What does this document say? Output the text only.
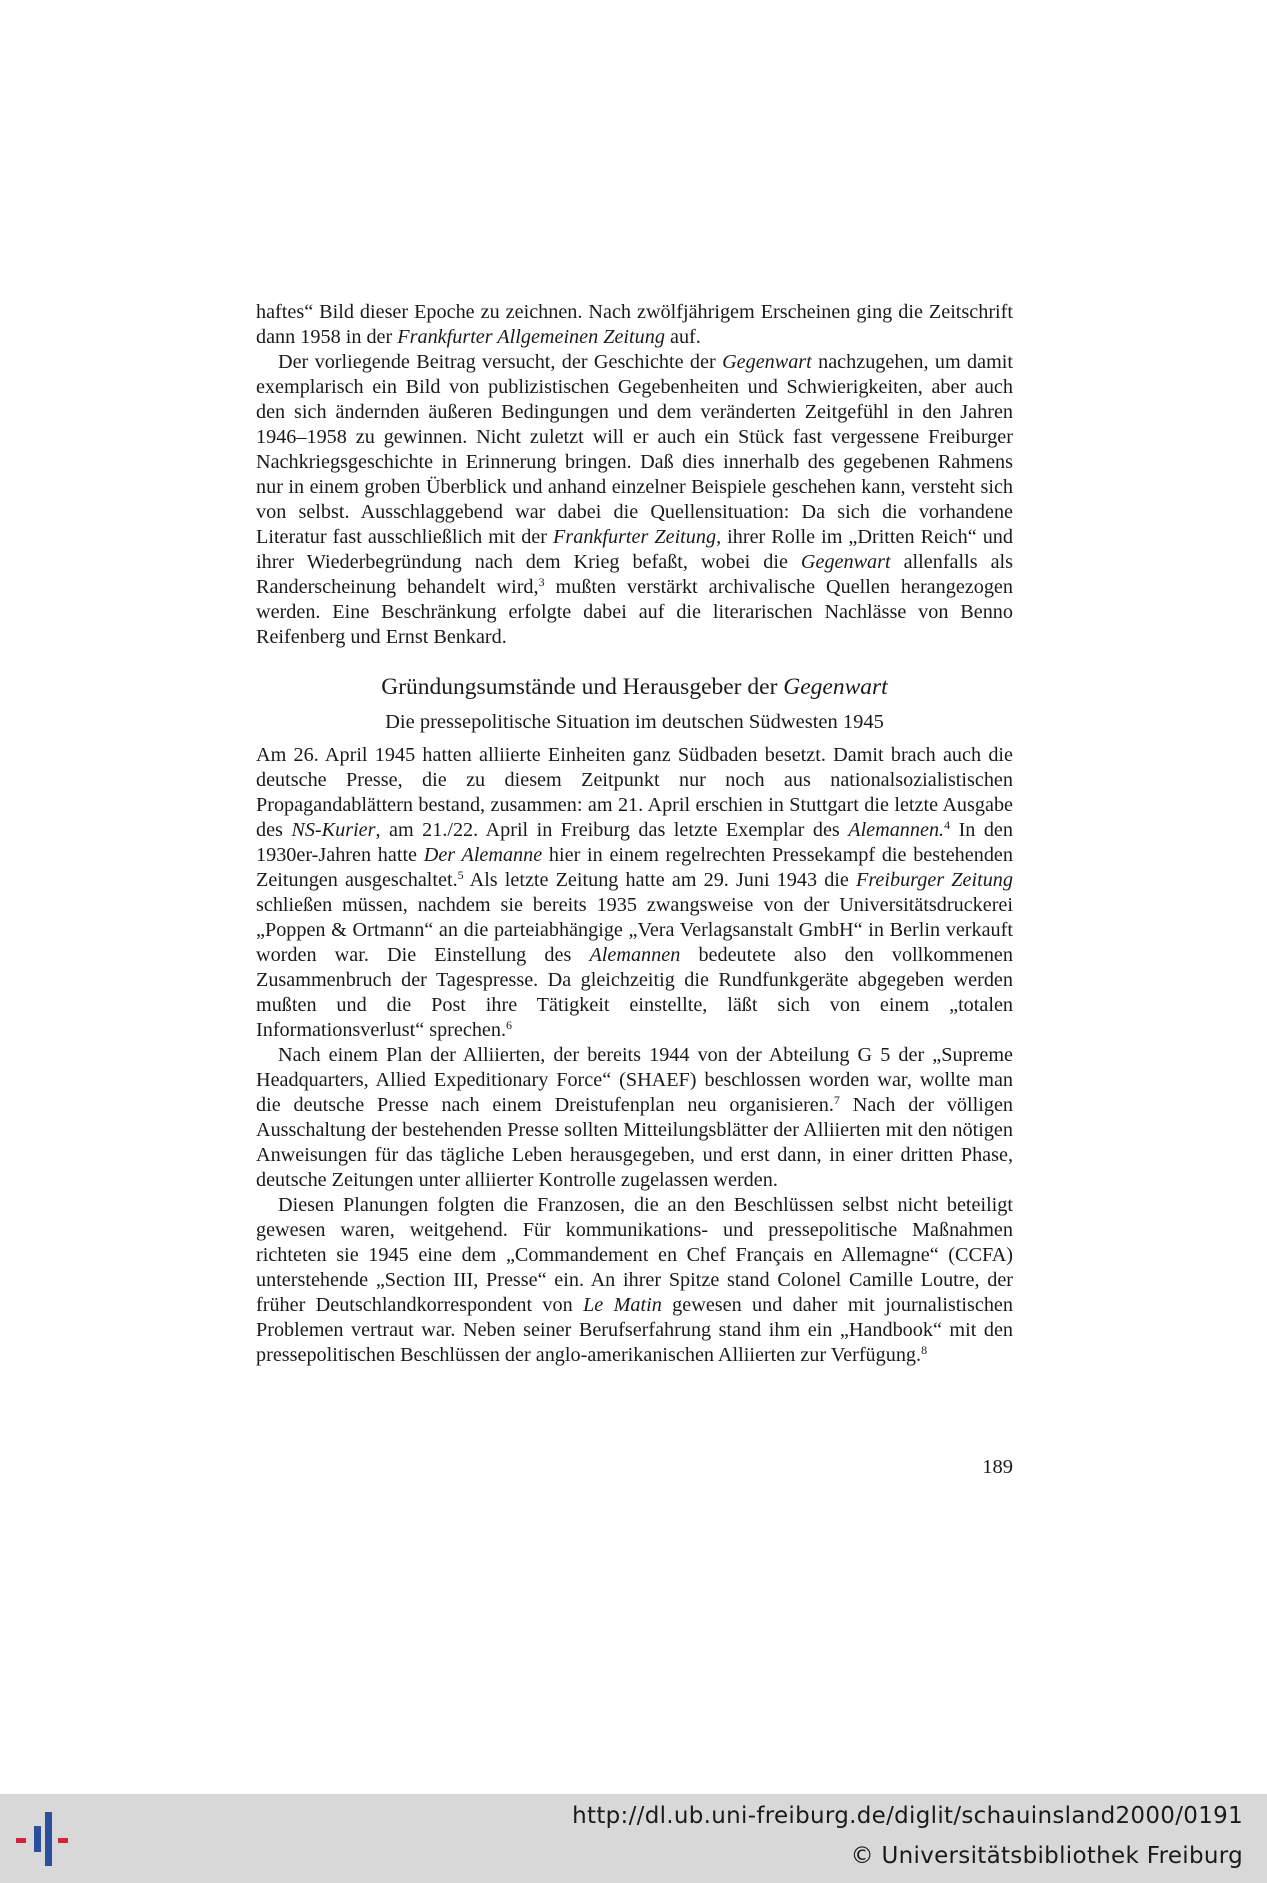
haftes“ Bild dieser Epoche zu zeichnen. Nach zwölfjährigem Erscheinen ging die Zeitschrift dann 1958 in der Frankfurter Allgemeinen Zeitung auf.

Der vorliegende Beitrag versucht, der Geschichte der Gegenwart nachzugehen, um damit exemplarisch ein Bild von publizistischen Gegebenheiten und Schwierigkeiten, aber auch den sich ändernden äußeren Bedingungen und dem veränderten Zeitgefühl in den Jahren 1946–1958 zu gewinnen. Nicht zuletzt will er auch ein Stück fast vergessene Freiburger Nachkriegsgeschichte in Erinnerung bringen. Daß dies innerhalb des gegebenen Rahmens nur in einem groben Überblick und anhand einzelner Beispiele geschehen kann, versteht sich von selbst. Ausschlaggebend war dabei die Quellensituation: Da sich die vorhandene Literatur fast ausschließlich mit der Frankfurter Zeitung, ihrer Rolle im „Dritten Reich“ und ihrer Wiederbegründung nach dem Krieg befaßt, wobei die Gegenwart allenfalls als Randerscheinung behandelt wird,$^3$ mußten verstärkt archivalische Quellen herangezogen werden. Eine Beschränkung erfolgte dabei auf die literarischen Nachlässe von Benno Reifenberg und Ernst Benkard.

Gründungsumstände und Herausgeber der Gegenwart
Die pressepolitische Situation im deutschen Südwesten 1945

Am 26. April 1945 hatten alliierte Einheiten ganz Südbaden besetzt. Damit brach auch die deutsche Presse, die zu diesem Zeitpunkt nur noch aus nationalsozialistischen Propagandablättern bestand, zusammen: am 21. April erschien in Stuttgart die letzte Ausgabe des NS-Kurier, am 21./22. April in Freiburg das letzte Exemplar des Alemannen.$^4$ In den 1930er-Jahren hatte Der Alemanne hier in einem regelrechten Pressekampf die bestehenden Zeitungen ausgeschaltet.$^5$ Als letzte Zeitung hatte am 29. Juni 1943 die Freiburger Zeitung schließen müssen, nachdem sie bereits 1935 zwangsweise von der Universitätsdruckerei „Poppen & Ortmann“ an die parteiabhängige „Vera Verlagsanstalt GmbH“ in Berlin verkauft worden war. Die Einstellung des Alemannen bedeutete also den vollkommenen Zusammenbruch der Tagespresse. Da gleichzeitig die Rundfunkgeräte abgegeben werden mußten und die Post ihre Tätigkeit einstellte, läßt sich von einem „totalen Informationsverlust“ sprechen.$^6$

Nach einem Plan der Alliierten, der bereits 1944 von der Abteilung G 5 der „Supreme Headquarters, Allied Expeditionary Force“ (SHAEF) beschlossen worden war, wollte man die deutsche Presse nach einem Dreistufenplan neu organisieren.$^7$ Nach der völligen Ausschaltung der bestehenden Presse sollten Mitteilungsblätter der Alliierten mit den nötigen Anweisungen für das tägliche Leben herausgegeben, und erst dann, in einer dritten Phase, deutsche Zeitungen unter alliierter Kontrolle zugelassen werden.

Diesen Planungen folgten die Franzosen, die an den Beschlüssen selbst nicht beteiligt gewesen waren, weitgehend. Für kommunikations- und pressepolitische Maßnahmen richteten sie 1945 eine dem „Commandement en Chef Français en Allemagne“ (CCFA) unterstehende „Section III, Presse“ ein. An ihrer Spitze stand Colonel Camille Loutre, der früher Deutschlandkorrespondent von Le Matin gewesen und daher mit journalistischen Problemen vertraut war. Neben seiner Berufserfahrung stand ihm ein „Handbook“ mit den pressepolitischen Beschlüssen der anglo-amerikanischen Alliierten zur Verfügung.$^8$

189
http://dl.ub.uni-freiburg.de/diglit/schauinsland2000/0191
© Universitätsbibliothek Freiburg
